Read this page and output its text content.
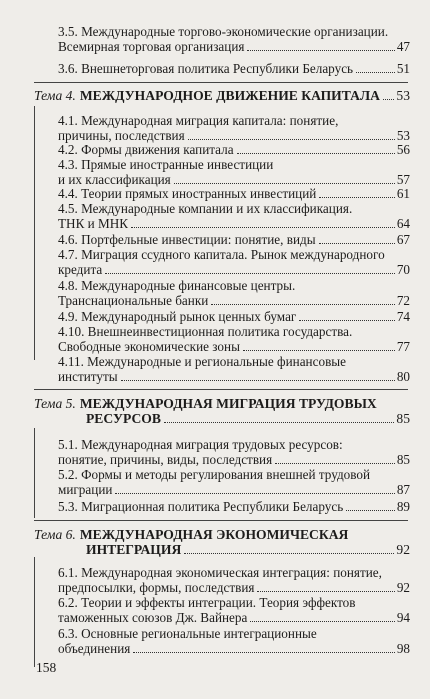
3.5. Международные торгово-экономические организации.
Всемирная торговая организация	47
3.6. Внешнеторговая политика Республики Беларусь	51
Тема 4. МЕЖДУНАРОДНОЕ ДВИЖЕНИЕ КАПИТАЛА 53
4.1. Международная миграция капитала: понятие,
причины, последствия	53
4.2. Формы движения капитала	56
4.3. Прямые иностранные инвестиции
и их классификация	57
4.4. Теории прямых иностранных инвестиций	61
4.5. Международные компании и их классификация.
ТНК и МНК	64
4.6. Портфельные инвестиции: понятие, виды	67
4.7. Миграция ссудного капитала. Рынок международного
кредита	70
4.8. Международные финансовые центры.
Транснациональные банки	72
4.9. Международный рынок ценных бумаг	74
4.10. Внешнеинвестиционная политика государства.
Свободные экономические зоны	77
4.11. Международные и региональные финансовые
институты	80
Тема 5. МЕЖДУНАРОДНАЯ МИГРАЦИЯ ТРУДОВЫХ
РЕСУРСОВ	85
5.1. Международная миграция трудовых ресурсов:
понятие, причины, виды, последствия	85
5.2. Формы и методы регулирования внешней трудовой
миграции	87
5.3. Миграционная политика Республики Беларусь	89
Тема 6. МЕЖДУНАРОДНАЯ ЭКОНОМИЧЕСКАЯ
ИНТЕГРАЦИЯ	92
6.1. Международная экономическая интеграция: понятие,
предпосылки, формы, последствия	92
6.2. Теории и эффекты интеграции. Теория эффектов
таможенных союзов Дж. Вайнера	94
6.3. Основные региональные интеграционные
объединения	98
158
